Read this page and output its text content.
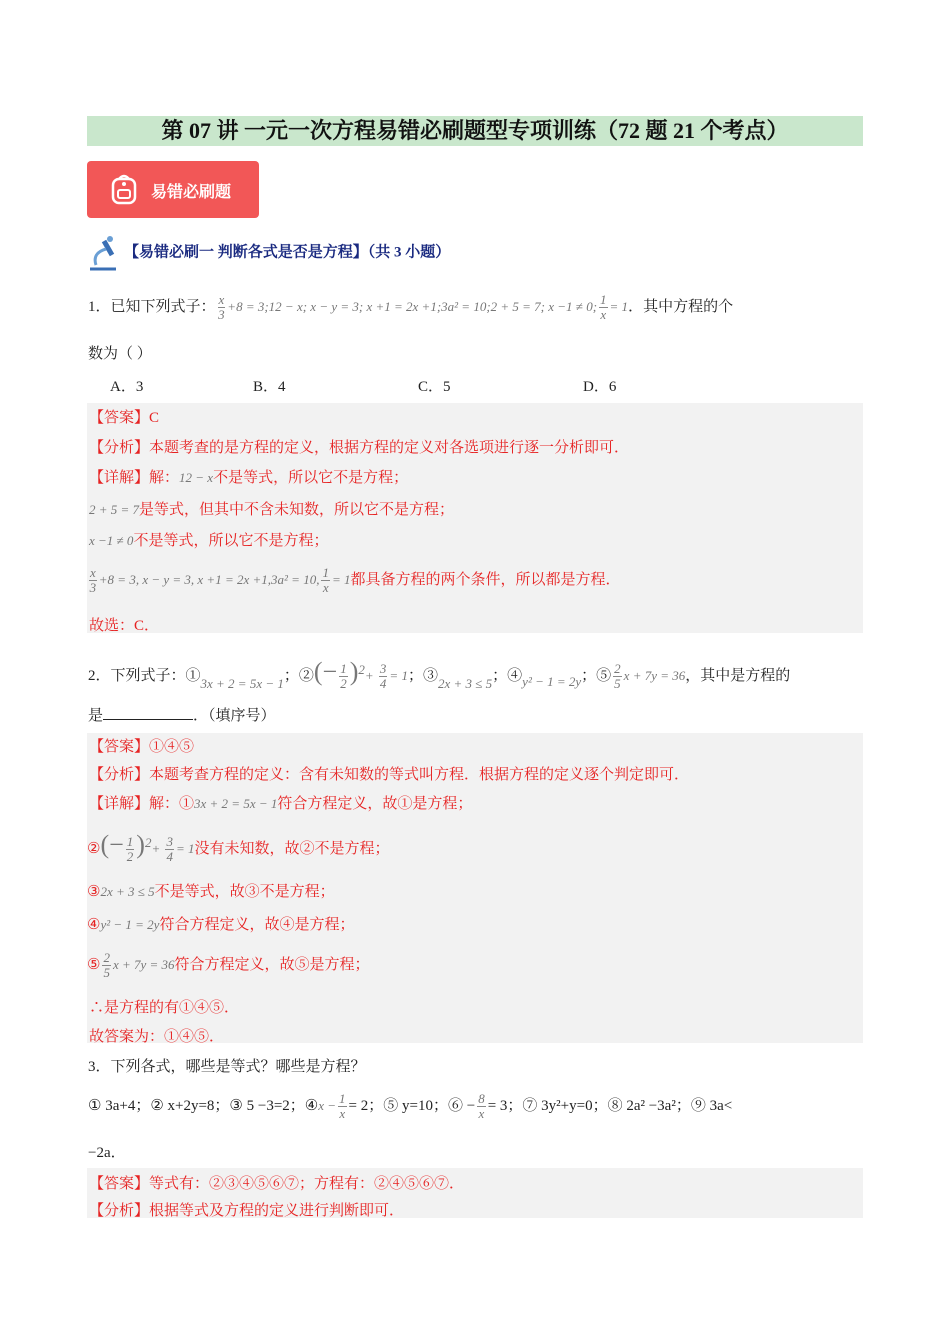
第 07 讲 一元一次方程易错必刷题型专项训练（72 题 21 个考点）
易错必刷题
【易错必刷一 判断各式是否是方程】（共 3 小题）
1．已知下列式子： $\frac{x}{3} +8$ = 3;12 − x; x − y = 3; x +1 = 2x +1;3a² = 10;2 + 5 = 7; x −1 ≠ 0; $\frac{1}{x} = 1$．其中方程的个
数为（ ）
A．3	B．4	C．5	D．6
【答案】C
【分析】本题考查的是方程的定义，根据方程的定义对各选项进行逐一分析即可．
【详解】解：12 − x不是等式，所以它不是方程；
2 + 5 = 7是等式，但其中不含未知数，所以它不是方程；
x −1 ≠ 0不是等式，所以它不是方程；
$\frac{x}{3} +8 = 3$, x − y = 3, x +1 = 2x +1,3a² = 10, $\frac{1}{x} = 1$都具备方程的两个条件，所以都是方程．
故选：C．
2．下列式子：①3x + 2 = 5x − 1；②(− $\frac{1}{2} )^2+ \frac{3}{4} = 1$；③2x + 3 ≤ 5；④y² − 1 = 2y；⑤ $\frac{2}{5}$ x + 7y = 36，其中是方程的
是	．（填序号）
【答案】①④⑤
【分析】本题考查方程的定义：含有未知数的等式叫方程．根据方程的定义逐个判定即可．
【详解】解：①3x + 2 = 5x − 1符合方程定义，故①是方程；
②(− $\frac{1}{2} )^2+ \frac{3}{4} = 1$没有未知数，故②不是方程；
③2x + 3 ≤ 5不是等式，故③不是方程；
④y² − 1 = 2y符合方程定义，故④是方程；
⑤ $\frac{2}{5}$ x + 7y = 36符合方程定义，故⑤是方程；
∴是方程的有①④⑤．
故答案为：①④⑤．
3．下列各式，哪些是等式？哪些是方程？
① 3a+4；② x+2y=8；③ 5 −3=2；④x − $\frac{1}{x} = 2$；⑤ y=10；⑥ − $\frac{8}{x} = 3$；⑦ 3y²+y=0；⑧ 2a² −3a²；⑨ 3a<
−2a．
【答案】等式有：②③④⑤⑥⑦；方程有：②④⑤⑥⑦．
【分析】根据等式及方程的定义进行判断即可．
